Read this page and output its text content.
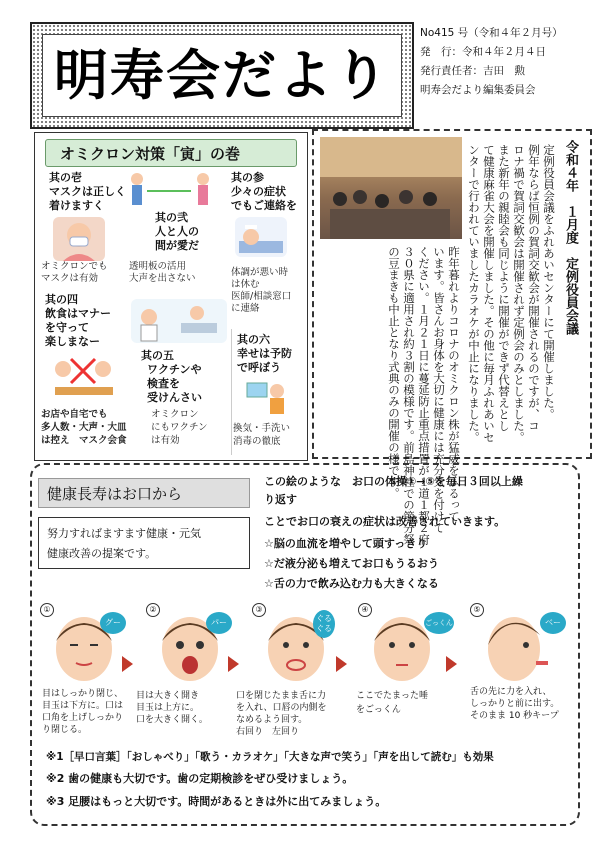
明寿会だより
No415 号（令和４年２月号）
発　行：令和４年２月４日
発行責任者：吉田　勲
明寿会だより編集委員会
オミクロン対策「寅」の巻
其の壱
マスクは正しく
着けますく
オミクロンでも
マスクは有効
其の弐
人と人の
間が愛だ
透明板の活用
大声を出さない
其の参
少々の症状
でもご連絡を
体調が悪い時
は休む
医師/相談窓口
に連絡
其の四
飲食はマナー
を守って
楽しまなー
お店や自宅でも
多人数・大声・大皿
は控え　マスク会食
其の五
ワクチンや
検査を
受けんさい
オミクロン
にもワクチン
は有効
其の六
幸せは予防
で呼ぼう
換気・手洗い
消毒の徹底
令和４年　１月度　定例役員会議
定例役員会議をふれあいセンターにて開催しました。
例年ならば恒例の賀詞交歓会が開催されるのですが、コ
ロナ禍で賀詞交歓会は開催されず定例会のみとしました。
また新年の親睦会も同じように開催ができず代替えとし
て健康麻雀大会を開催しました。その他に毎月ふれあいセ
ンターで行われていましたカラオケが中止になりました。
昨年暮れよりコロナのオミクロン株が猛威をふるって
います。皆さんお身体を大切に健康には充分気を付けて
ください。１月２１日に蔓延防止重点措置が１道１都２府
３０県に適用され約３割の模様です。前島神社での節分祭
の豆まきも中止となり式典のみの開催の様です。
健康長寿はお口から
努力すればますます健康・元気
健康改善の提案です。
この絵のような　お口の体操①→⑤を毎日３回以上繰
り返す
ことでお口の衰えの症状は改善されていきます。
☆脳の血流を増やして頭すっきり
☆だ液分泌も増えてお口もうるおう
☆舌の力で飲み込む力も大きくなる
①	②	③	④	⑤
グー	パー	ぐるぐる
ごっくん	ベー
目はしっかり閉じ、
目玉は下方に。口は
口角を上げしっかり
り閉じる。
目は大きく開き
目玉は上方に。
口を大きく開く。
口を閉じたまま舌に力
を入れ、口唇の内側を
なめるよう回す。
右回り　左回り
ここでたまった唾
をごっくん
舌の先に力を入れ、
しっかりと前に出す。
そのまま 10 秒キープ
※1［早口言葉］「おしゃべり」「歌う・カラオケ」「大きな声で笑う」「声を出して読む」も効果
※2 歯の健康も大切です。歯の定期検診をぜひ受けましょう。
※3 足腰はもっと大切です。時間があるときは外に出てみましょう。
